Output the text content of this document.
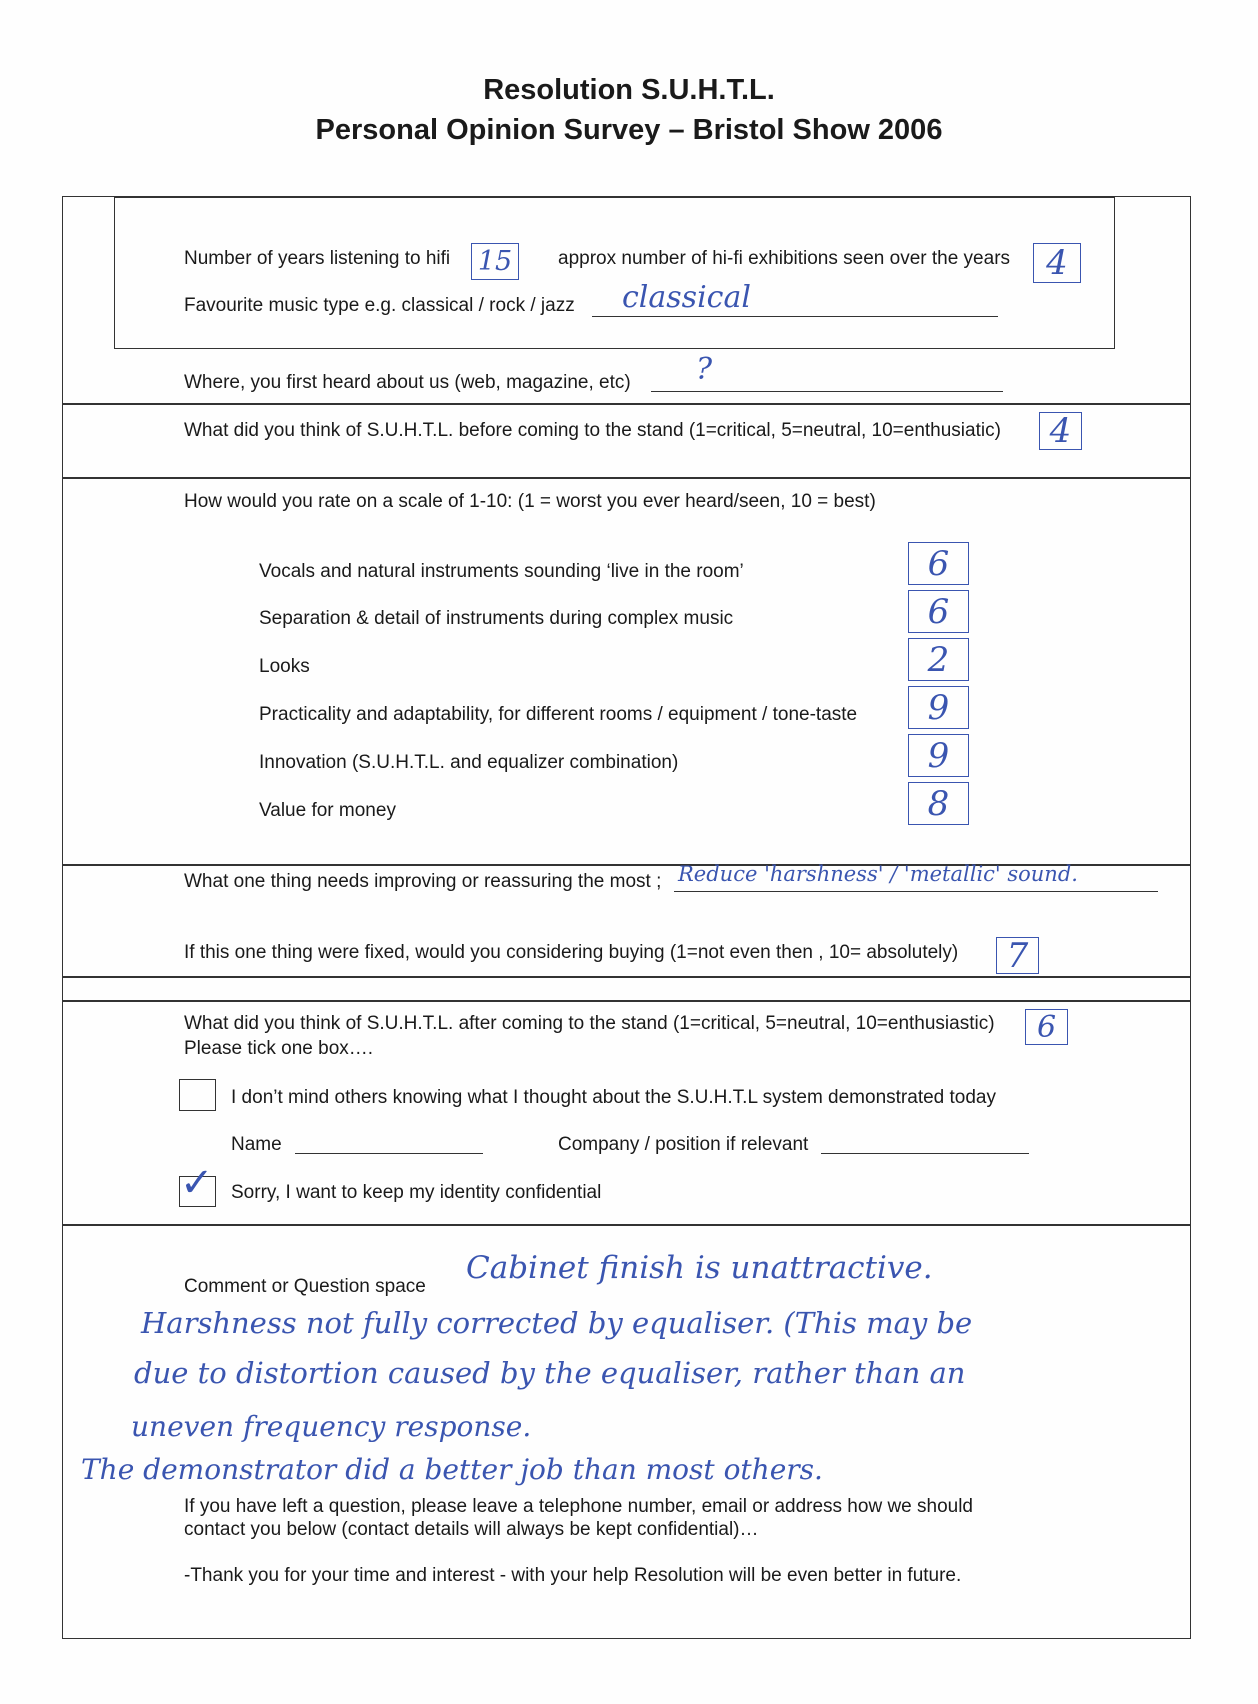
Resolution S.U.H.T.L.
Personal Opinion Survey – Bristol Show 2006
Number of years listening to hifi 15	approx number of hi-fi exhibitions seen over the years	4
Favourite music type e.g. classical / rock / jazz classical
Where, you first heard about us (web, magazine, etc) ?
What did you think of S.U.H.T.L. before coming to the stand (1=critical, 5=neutral, 10=enthusiatic)	4
How would you rate on a scale of 1-10: (1 = worst you ever heard/seen, 10 = best)
Vocals and natural instruments sounding ‘live in the room’	6
Separation & detail of instruments during complex music	6
Looks	2
Practicality and adaptability, for different rooms / equipment / tone-taste	9
Innovation (S.U.H.T.L. and equalizer combination)	9
Value for money	8
What one thing needs improving or reassuring the most ; Reduce 'harshness' / 'metallic' sound.
If this one thing were fixed, would you considering buying (1=not even then , 10= absolutely)	7
What did you think of S.U.H.T.L. after coming to the stand (1=critical, 5=neutral, 10=enthusiastic)	6
Please tick one box….
I don’t mind others knowing what I thought about the S.U.H.T.L system demonstrated today
Name	Company / position if relevant
✓ Sorry, I want to keep my identity confidential
Comment or Question space
Cabinet finish is unattractive.
Harshness not fully corrected by equaliser. (This may be
due to distortion caused by the equaliser, rather than an
uneven frequency response.
The demonstrator did a better job than most others.
If you have left a question, please leave a telephone number, email or address how we should
contact you below (contact details will always be kept confidential)…
-Thank you for your time and interest - with your help Resolution will be even better in future.
